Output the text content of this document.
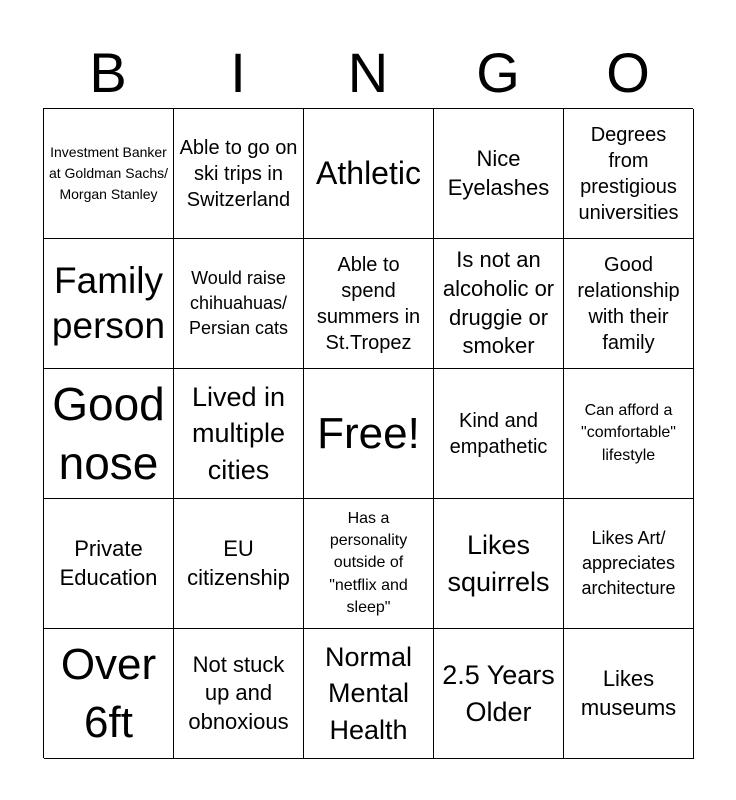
B	I	N	G	O
Investment Banker at Goldman Sachs/ Morgan Stanley
Able to go on ski trips in Switzerland
Athletic	Nice Eyelashes
Degrees from prestigious universities
Family person
Would raise chihuahuas/ Persian cats
Able to spend summers in St.Tropez
Is not an alcoholic or druggie or smoker
Good relationship with their family
Good nose
Lived in multiple cities
Free!	Kind and empathetic
Can afford a "comfortable" lifestyle
Private Education
EU citizenship
Has a personality outside of "netflix and sleep"
Likes squirrels
Likes Art/ appreciates architecture
Over 6ft
Not stuck up and obnoxious
Normal Mental Health
2.5 Years Older
Likes museums
